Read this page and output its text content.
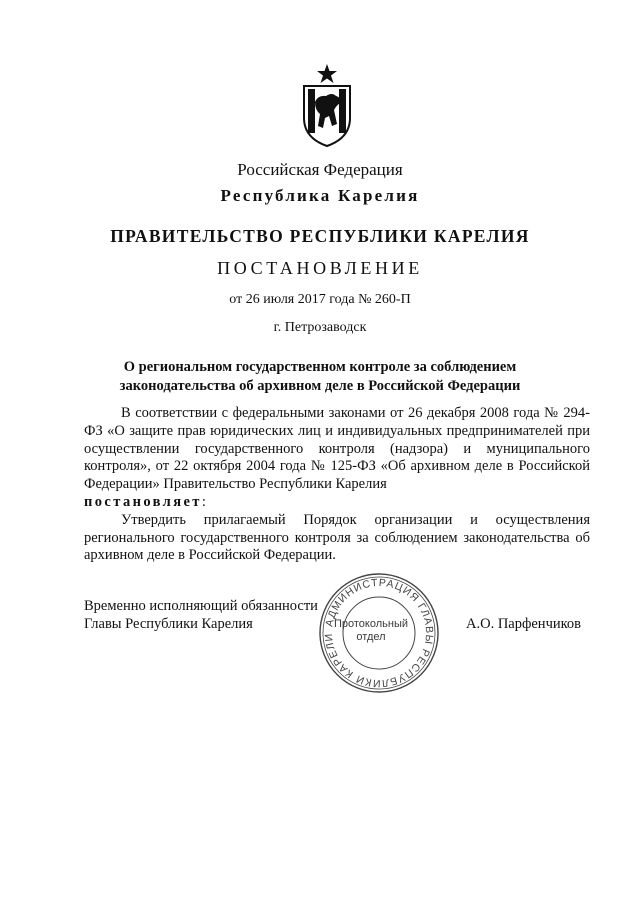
Российская Федерация
Республика Карелия
ПРАВИТЕЛЬСТВО РЕСПУБЛИКИ КАРЕЛИЯ
ПОСТАНОВЛЕНИЕ
от 26 июля 2017 года № 260-П
г. Петрозаводск
О региональном государственном контроле за соблюдением
законодательства об архивном деле в Российской Федерации

В соответствии с федеральными законами от 26 декабря 2008 года № 294-ФЗ «О защите прав юридических лиц и индивидуальных предпринимателей при осуществлении государственного контроля (надзора) и муниципального контроля», от 22 октября 2004 года № 125-ФЗ «Об архивном деле в Российской Федерации» Правительство Республики Карелия

постановляет:

Утвердить прилагаемый Порядок организации и осуществления регионального государственного контроля за соблюдением законодательства об архивном деле в Российской Федерации.

АДМИНИСТРАЦИЯ ГЛАВЫ РЕСПУБЛИКИ КАРЕЛИ
Протокольный
отдел
Временно исполняющий обязанности
Главы Республики Карелия	А.О. Парфенчиков
